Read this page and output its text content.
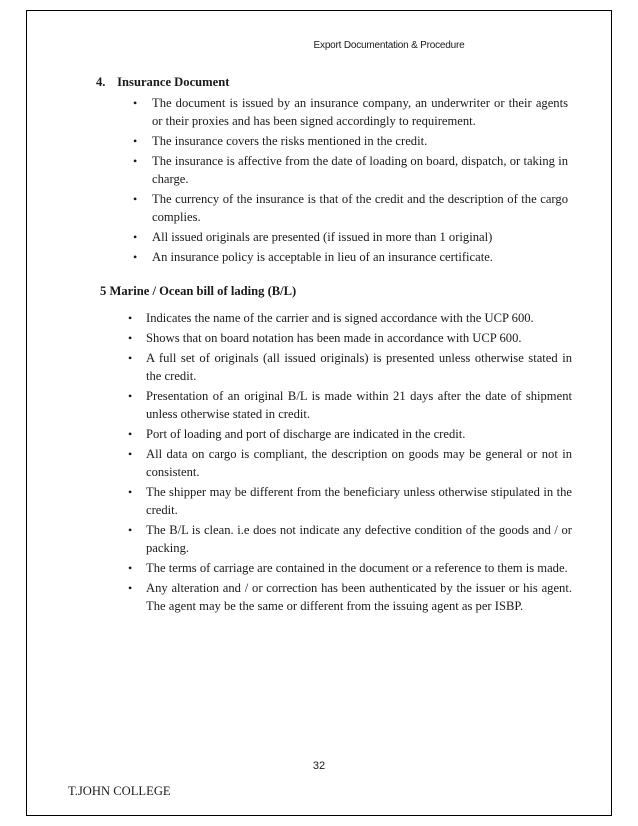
Export Documentation & Procedure
4. Insurance Document
• The document is issued by an insurance company, an underwriter or their agents or their proxies and has been signed accordingly to requirement.
• The insurance covers the risks mentioned in the credit.
• The insurance is affective from the date of loading on board, dispatch, or taking in charge.
• The currency of the insurance is that of the credit and the description of the cargo complies.
• All issued originals are presented (if issued in more than 1 original)
• An insurance policy is acceptable in lieu of an insurance certificate.
5 Marine / Ocean bill of lading (B/L)
• Indicates the name of the carrier and is signed accordance with the UCP 600.
• Shows that on board notation has been made in accordance with UCP 600.
• A full set of originals (all issued originals) is presented unless otherwise stated in the credit.
• Presentation of an original B/L is made within 21 days after the date of shipment unless otherwise stated in credit.
• Port of loading and port of discharge are indicated in the credit.
• All data on cargo is compliant, the description on goods may be general or not in consistent.
• The shipper may be different from the beneficiary unless otherwise stipulated in the credit.
• The B/L is clean. i.e does not indicate any defective condition of the goods and / or packing.
• The terms of carriage are contained in the document or a reference to them is made.
• Any alteration and / or correction has been authenticated by the issuer or his agent. The agent may be the same or different from the issuing agent as per ISBP.
32
T.JOHN COLLEGE
